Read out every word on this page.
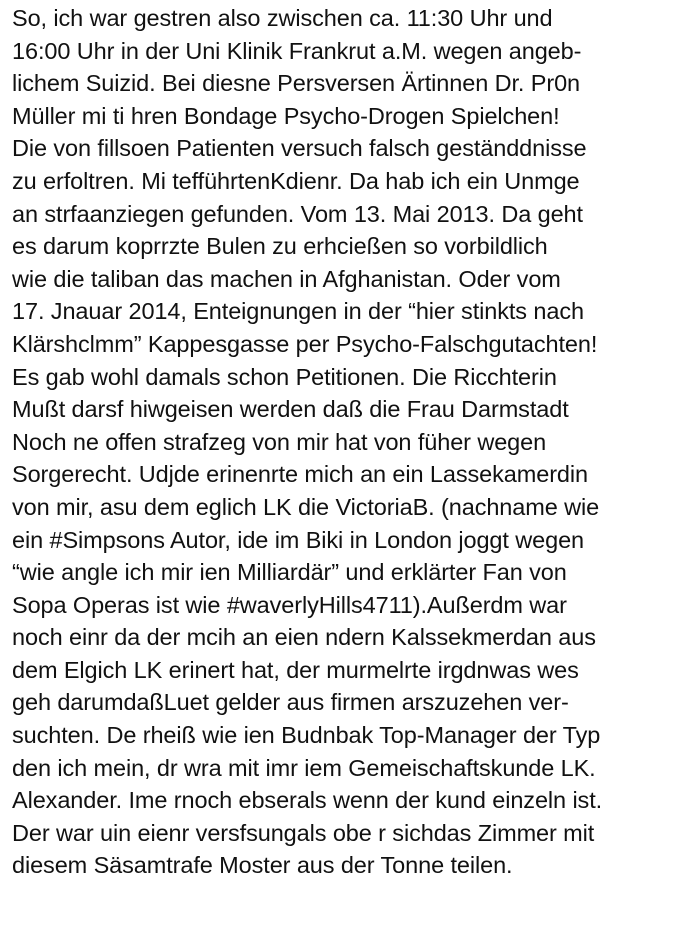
So, ich war gestren also zwischen ca. 11:30 Uhr und
16:00 Uhr in der Uni Klinik Frankrut a.M. wegen angeb-
lichem Suizid. Bei diesne Persversen Ärtinnen Dr. Pr0n
Müller mi ti hren Bondage Psycho-Drogen Spielchen!
Die von fillsoen Patienten versuch falsch geständdnisse
zu erfoltren. Mi tefführtenKdienr. Da hab ich ein Unmge
an strfaanziegen gefunden. Vom 13. Mai 2013. Da geht
es darum koprrzte Bulen zu erhcießen so vorbildlich
wie die taliban das machen in Afghanistan. Oder vom
17. Jnauar 2014, Enteignungen in der “hier stinkts nach
Klärshclmm” Kappesgasse per Psycho-Falschgutachten!
Es gab wohl damals schon Petitionen. Die Ricchterin
Mußt darsf hiwgeisen werden daß die Frau Darmstadt
Noch ne offen strafzeg von mir hat von füher wegen
Sorgerecht. Udjde erinenrte mich an ein Lassekamerdin
von mir, asu dem eglich LK die VictoriaB. (nachname wie
ein #Simpsons Autor, ide im Biki in London joggt wegen
“wie angle ich mir ien Milliardär” und erklärter Fan von
Sopa Operas ist wie #waverlyHills4711).Außerdm war
noch einr da der mcih an eien ndern Kalssekmerdan aus
dem Elgich LK erinert hat, der murmelrte irgdnwas wes
geh darumdaßLuet gelder aus firmen arszuzehen ver-
suchten. De rheiß wie ien Budnbak Top-Manager der Typ
den ich mein, dr wra mit imr iem Gemeischaftskunde LK.
Alexander. Ime rnoch ebserals wenn der kund einzeln ist.
Der war uin eienr versfsungals obe r sichdas Zimmer mit
diesem Säsamtrafe Moster aus der Tonne teilen.
